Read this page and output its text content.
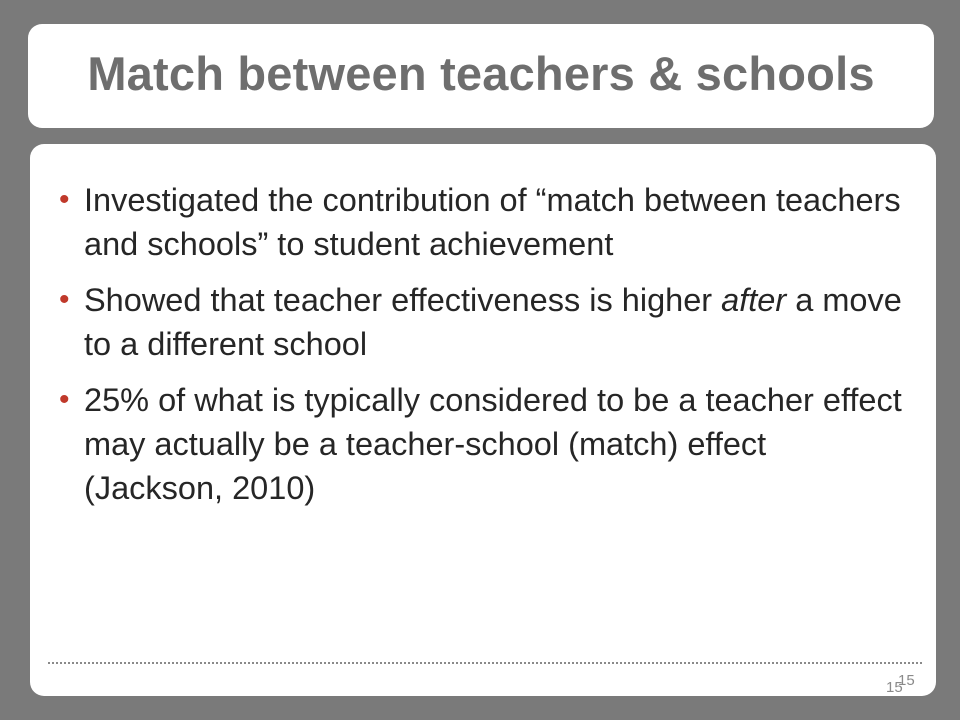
Match between teachers & schools
• Investigated the contribution of “match between teachers and schools” to student achievement
• Showed that teacher effectiveness is higher after a move to a different school
• 25% of what is typically considered to be a teacher effect may actually be a teacher-school (match) effect (Jackson, 2010)
15
15
